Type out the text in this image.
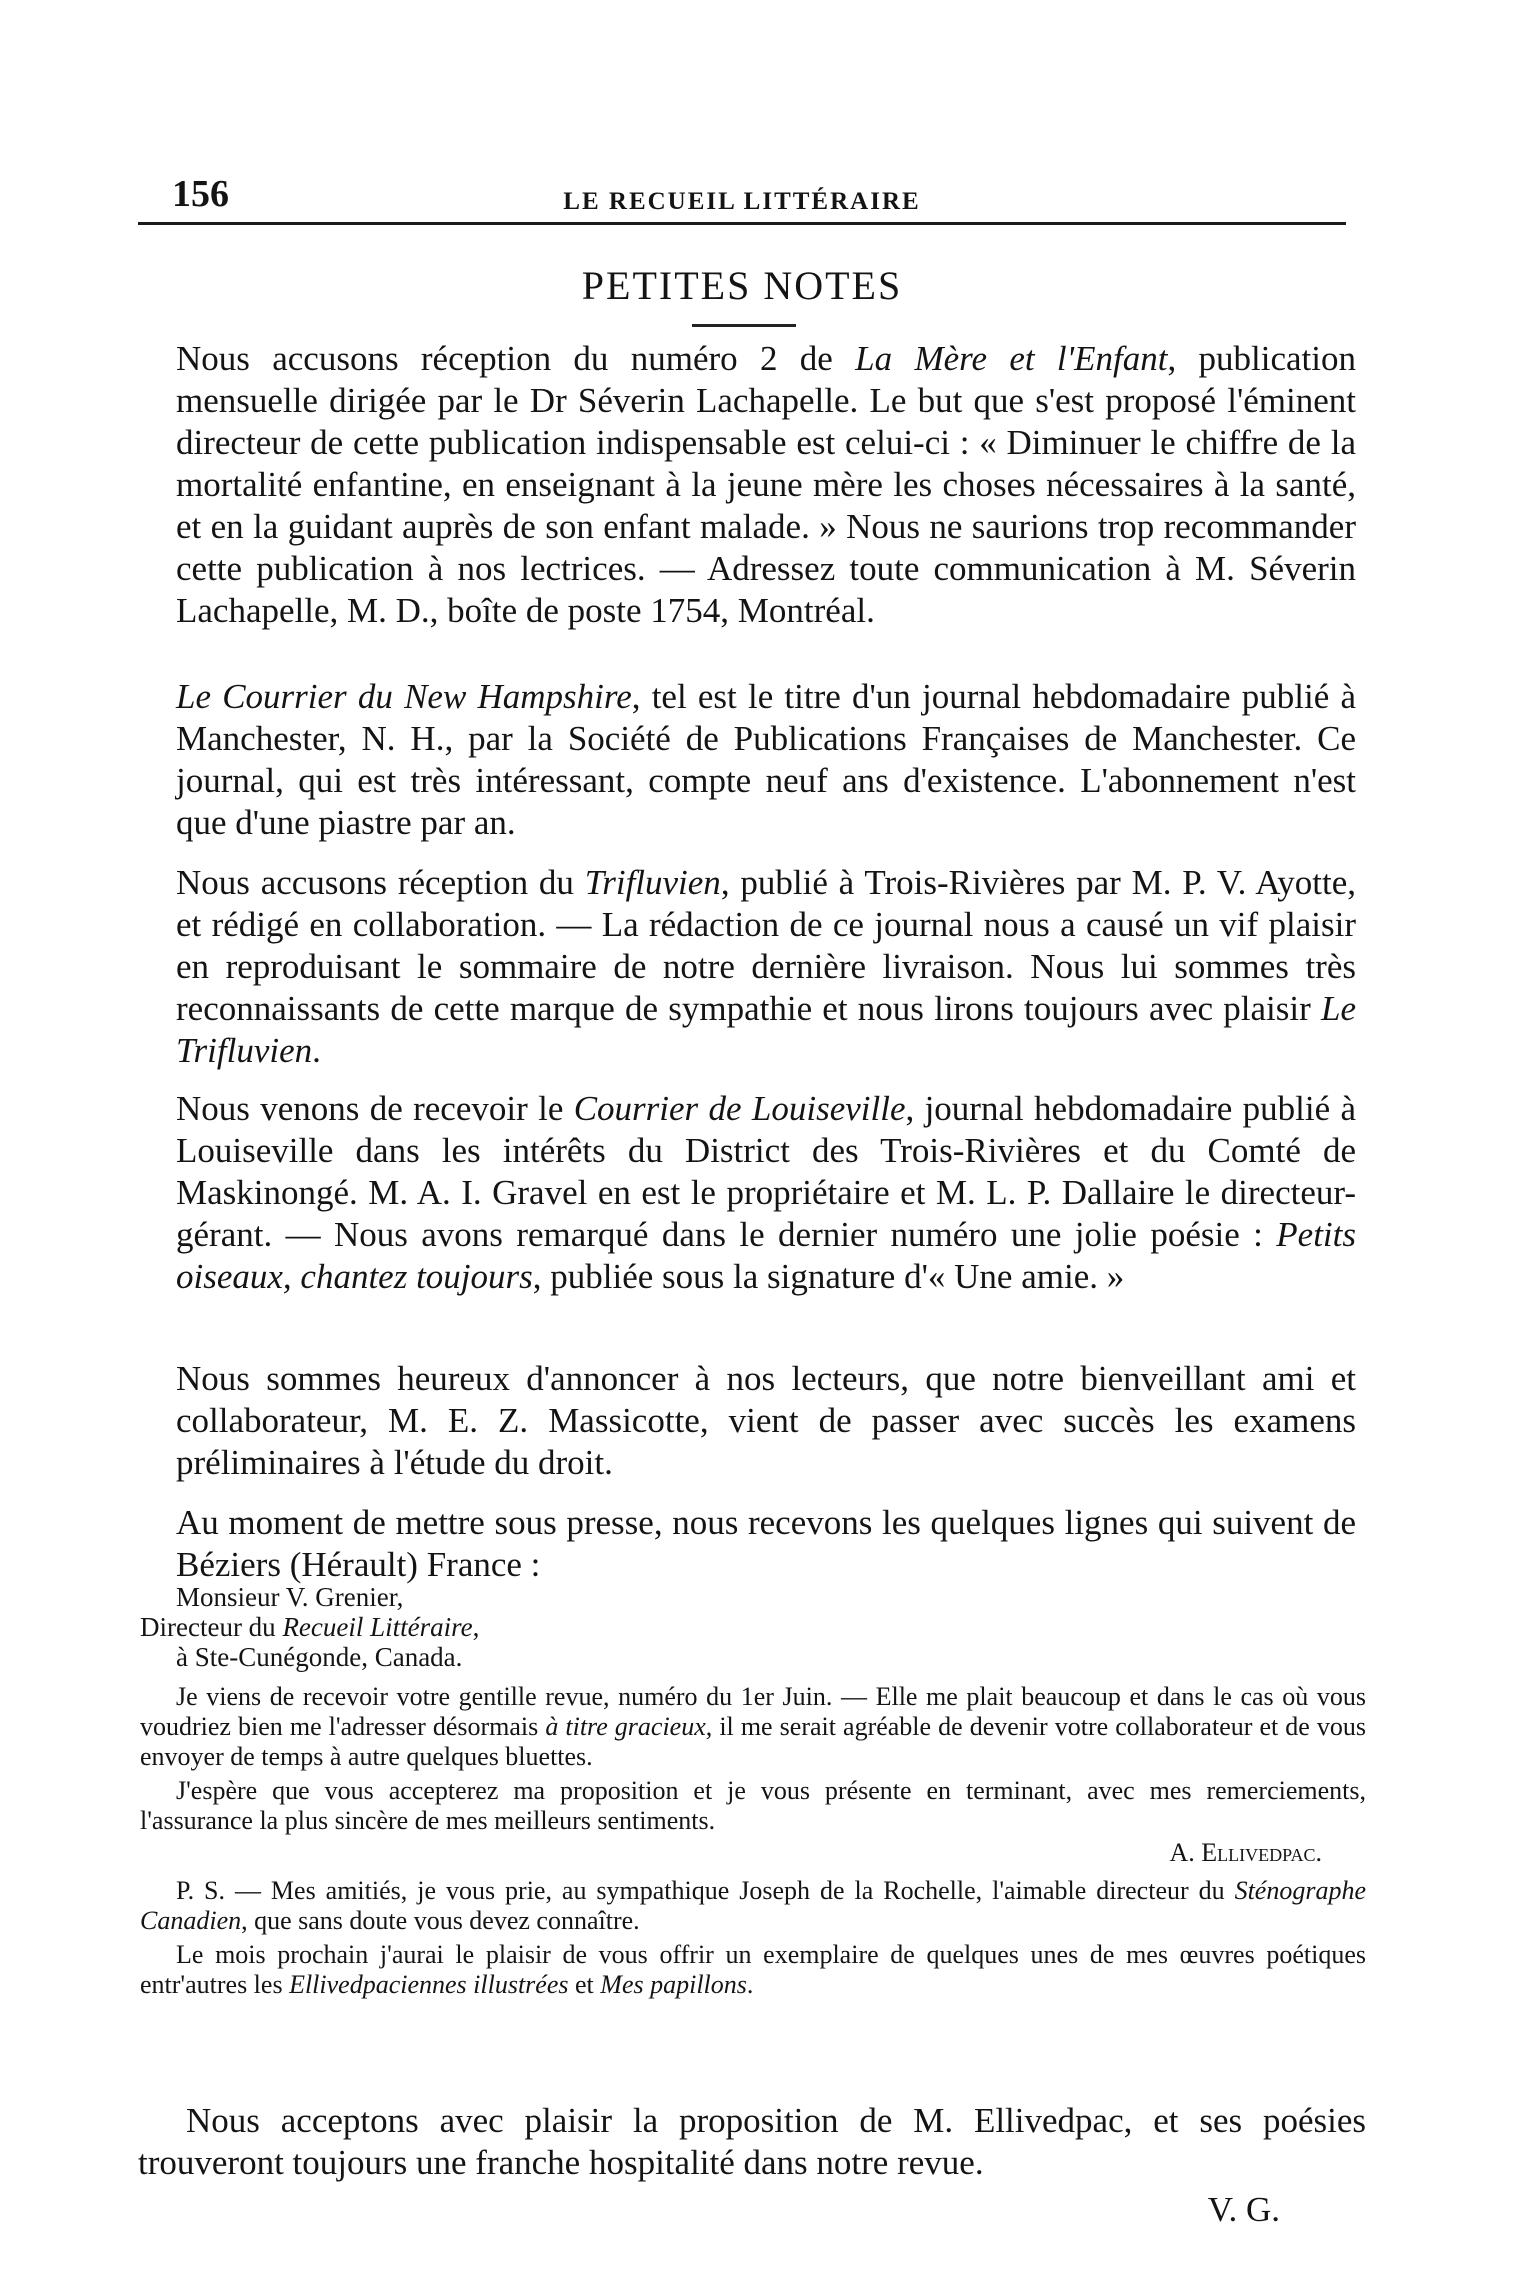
156	LE RECUEIL LITTÉRAIRE
PETITES NOTES

Nous accusons réception du numéro 2 de La Mère et l'Enfant, publication mensuelle dirigée par le Dr Séverin Lachapelle. Le but que s'est proposé l'éminent directeur de cette publication indispensable est celui-ci : « Diminuer le chiffre de la mortalité enfantine, en enseignant à la jeune mère les choses nécessaires à la santé, et en la guidant auprès de son enfant malade. » Nous ne saurions trop recommander cette publication à nos lectrices. — Adressez toute communication à M. Séverin Lachapelle, M. D., boîte de poste 1754, Montréal.

Le Courrier du New Hampshire, tel est le titre d'un journal hebdomadaire publié à Manchester, N. H., par la Société de Publications Françaises de Manchester. Ce journal, qui est très intéressant, compte neuf ans d'existence. L'abonnement n'est que d'une piastre par an.

Nous accusons réception du Trifluvien, publié à Trois-Rivières par M. P. V. Ayotte, et rédigé en collaboration. — La rédaction de ce journal nous a causé un vif plaisir en reproduisant le sommaire de notre dernière livraison. Nous lui sommes très reconnaissants de cette marque de sympathie et nous lirons toujours avec plaisir Le Trifluvien.

Nous venons de recevoir le Courrier de Louiseville, journal hebdomadaire publié à Louiseville dans les intérêts du District des Trois-Rivières et du Comté de Maskinongé. M. A. I. Gravel en est le propriétaire et M. L. P. Dallaire le directeur-gérant. — Nous avons remarqué dans le dernier numéro une jolie poésie : Petits oiseaux, chantez toujours, publiée sous la signature d'« Une amie. »

Nous sommes heureux d'annoncer à nos lecteurs, que notre bienveillant ami et collaborateur, M. E. Z. Massicotte, vient de passer avec succès les examens préliminaires à l'étude du droit.

Au moment de mettre sous presse, nous recevons les quelques lignes qui suivent de Béziers (Hérault) France :

Monsieur V. Grenier,
Directeur du Recueil Littéraire,
à Ste-Cunégonde, Canada.

Je viens de recevoir votre gentille revue, numéro du 1er Juin. — Elle me plait beaucoup et dans le cas où vous voudriez bien me l'adresser désormais à titre gracieux, il me serait agréable de devenir votre collaborateur et de vous envoyer de temps à autre quelques bluettes.

J'espère que vous accepterez ma proposition et je vous présente en terminant, avec mes remerciements, l'assurance la plus sincère de mes meilleurs sentiments.

A. Ellivedpac.

P. S. — Mes amitiés, je vous prie, au sympathique Joseph de la Rochelle, l'aimable directeur du Sténographe Canadien, que sans doute vous devez connaître.

Le mois prochain j'aurai le plaisir de vous offrir un exemplaire de quelques unes de mes œuvres poétiques entr'autres les Ellivedpaciennes illustrées et Mes papillons.

Nous acceptons avec plaisir la proposition de M. Ellivedpac, et ses poésies trouveront toujours une franche hospitalité dans notre revue.
V. G.
